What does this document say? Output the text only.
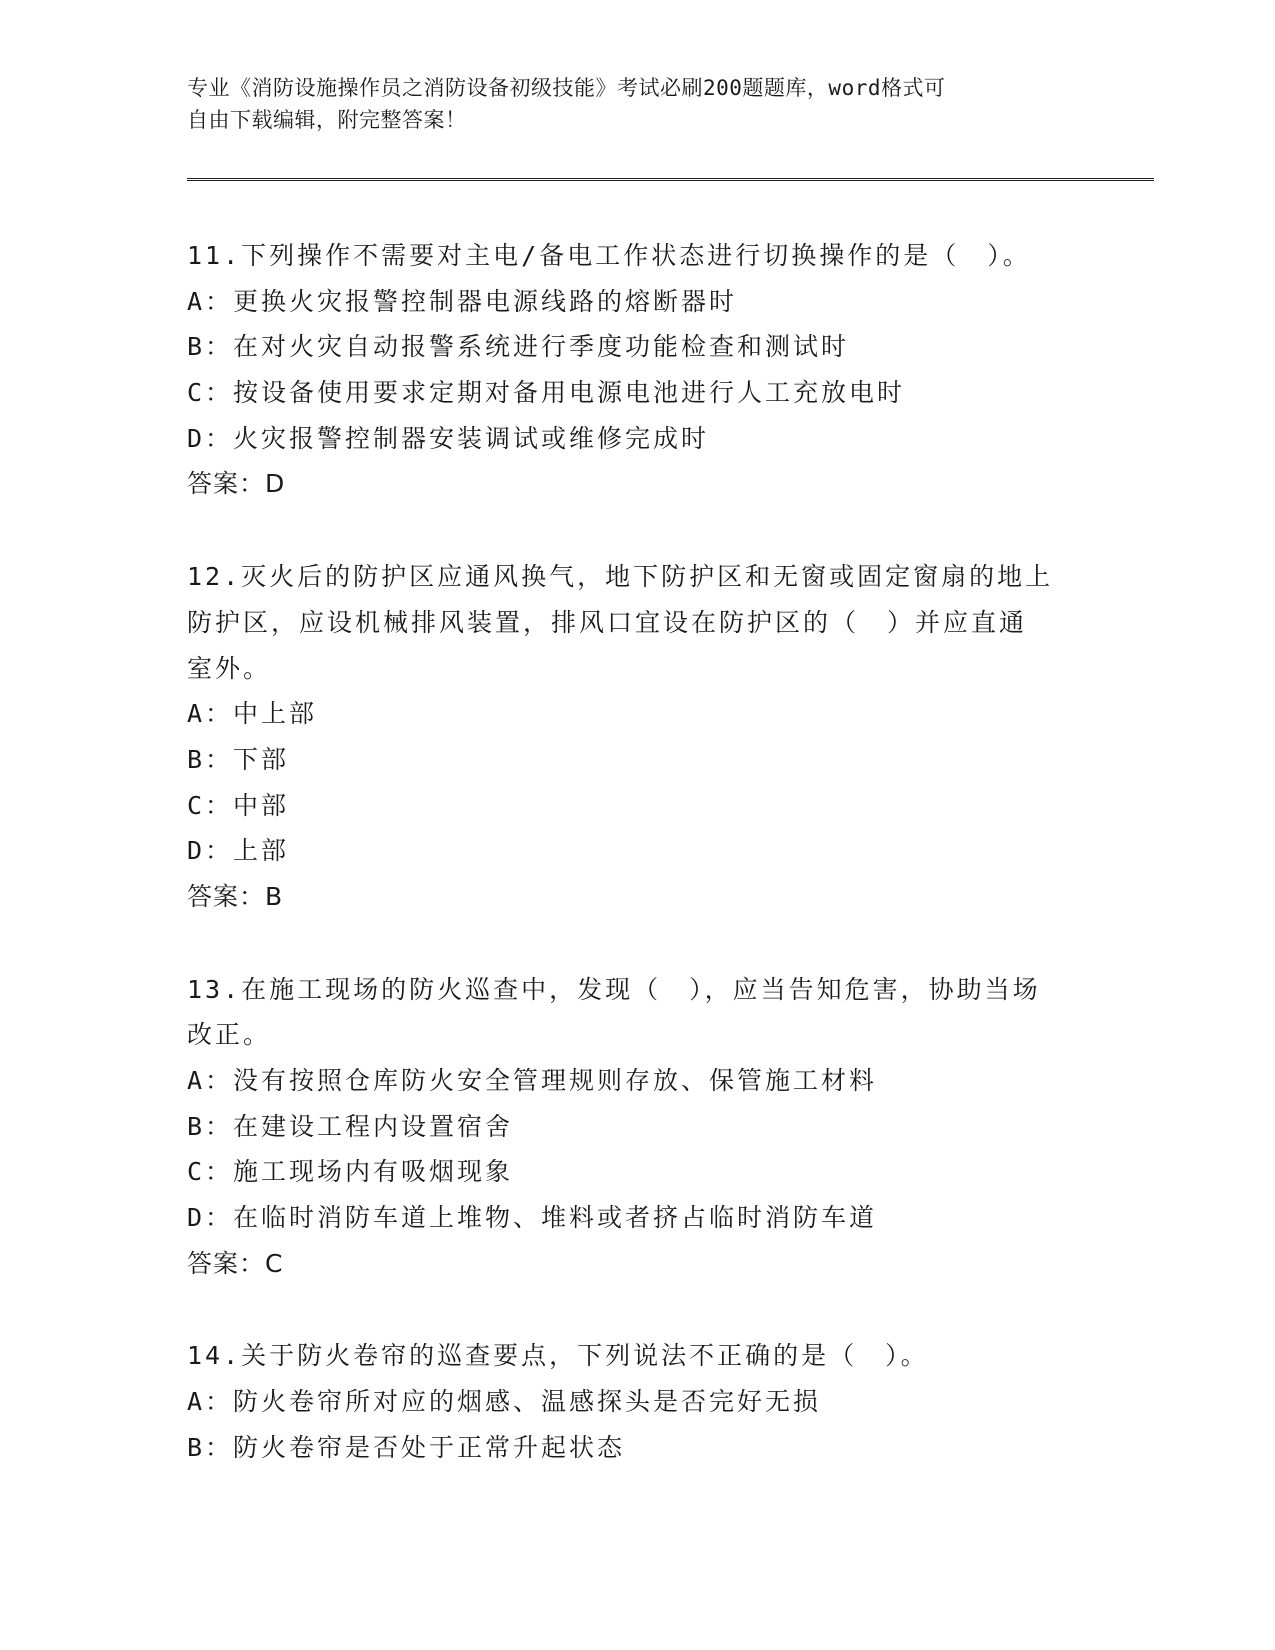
专业《消防设施操作员之消防设备初级技能》考试必刷200题题库，word格式可
自由下载编辑，附完整答案！
11.下列操作不需要对主电/备电工作状态进行切换操作的是（　）。
A：更换火灾报警控制器电源线路的熔断器时
B：在对火灾自动报警系统进行季度功能检查和测试时
C：按设备使用要求定期对备用电源电池进行人工充放电时
D：火灾报警控制器安装调试或维修完成时
答案：D
12.灭火后的防护区应通风换气，地下防护区和无窗或固定窗扇的地上
防护区，应设机械排风装置，排风口宜设在防护区的（　）并应直通
室外。
A：中上部
B：下部
C：中部
D：上部
答案：B
13.在施工现场的防火巡查中，发现（　），应当告知危害，协助当场
改正。
A：没有按照仓库防火安全管理规则存放、保管施工材料
B：在建设工程内设置宿舍
C：施工现场内有吸烟现象
D：在临时消防车道上堆物、堆料或者挤占临时消防车道
答案：C
14.关于防火卷帘的巡查要点，下列说法不正确的是（　）。
A：防火卷帘所对应的烟感、温感探头是否完好无损
B：防火卷帘是否处于正常升起状态
